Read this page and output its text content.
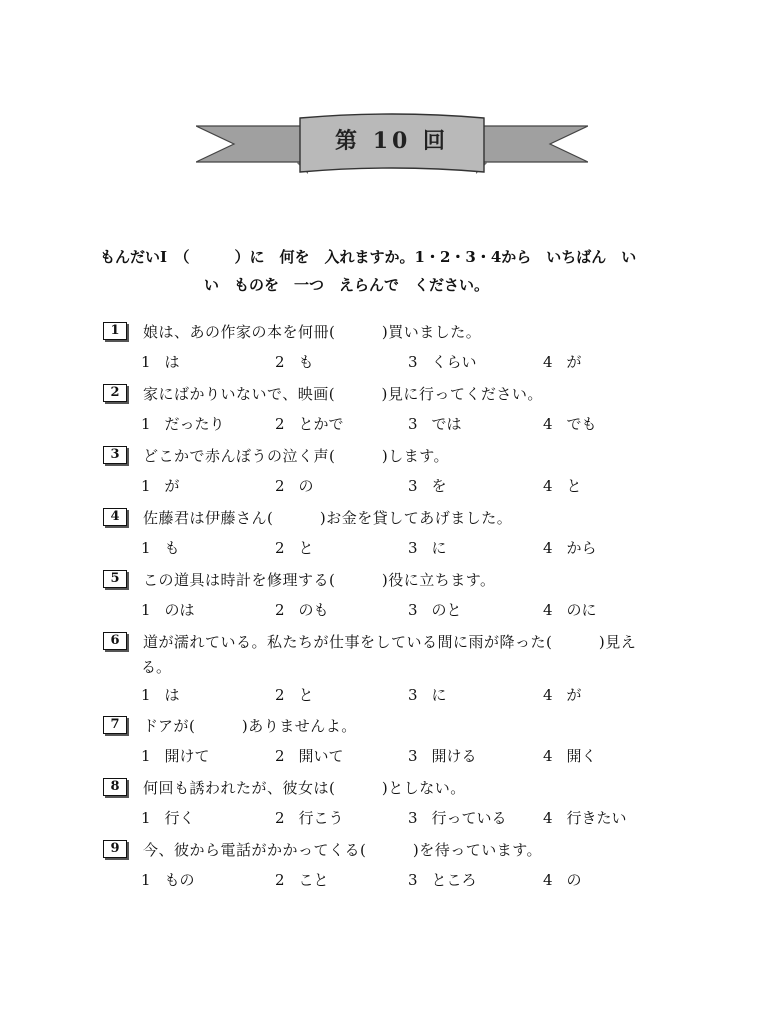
第 10 回
もんだいⅠ　（　　　）に　何を　入れますか。1・2・3・4から　いちばん　い
い　ものを　一つ　えらんで　ください。
1	娘は、あの作家の本を何冊(　　　)買いました。
1 は	2 も	3 くらい	4 が
2	家にばかりいないで、映画(　　　)見に行ってください。
1 だったり	2 とかで	3 では	4 でも
3	どこかで赤んぼうの泣く声(　　　)します。
1 が	2 の	3 を	4 と
4	佐藤君は伊藤さん(　　　)お金を貸してあげました。
1 も	2 と	3 に	4 から
5	この道具は時計を修理する(　　　)役に立ちます。
1 のは	2 のも	3 のと	4 のに
6	道が濡れている。私たちが仕事をしている間に雨が降った(　　　)見え
る。
1 は	2 と	3 に	4 が
7	ドアが(　　　)ありませんよ。
1 開けて	2 開いて	3 開ける	4 開く
8	何回も誘われたが、彼女は(　　　)としない。
1 行く	2 行こう	3 行っている 4 行きたい
9	今、彼から電話がかかってくる(　　　)を待っています。
1 もの	2 こと	3 ところ	4 の
